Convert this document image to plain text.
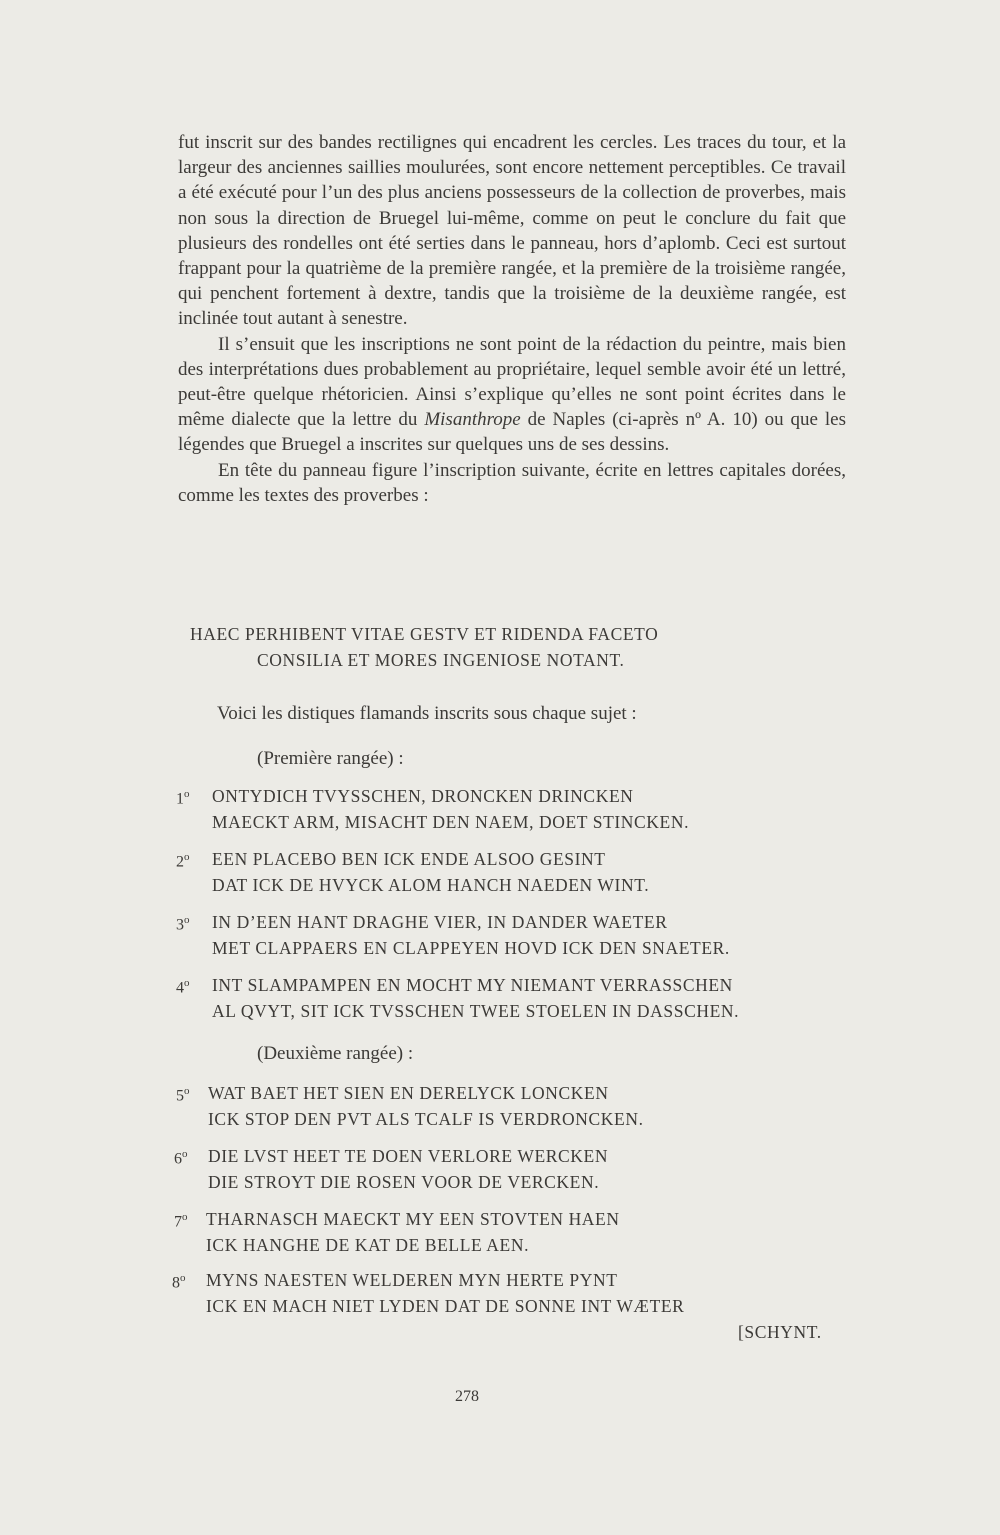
fut inscrit sur des bandes rectilignes qui encadrent les cercles. Les traces du tour, et la largeur des anciennes saillies moulurées, sont encore nettement perceptibles. Ce travail a été exécuté pour l’un des plus anciens possesseurs de la collection de proverbes, mais non sous la direction de Bruegel lui-même, comme on peut le conclure du fait que plusieurs des rondelles ont été serties dans le panneau, hors d’aplomb. Ceci est surtout frappant pour la quatrième de la première rangée, et la première de la troisième rangée, qui penchent fortement à dextre, tandis que la troisième de la deuxième rangée, est inclinée tout autant à senestre.

Il s’ensuit que les inscriptions ne sont point de la rédaction du peintre, mais bien des interprétations dues probablement au propriétaire, lequel semble avoir été un lettré, peut-être quelque rhétoricien. Ainsi s’explique qu’elles ne sont point écrites dans le même dialecte que la lettre du Misanthrope de Naples (ci-après nº A. 10) ou que les légendes que Bruegel a inscrites sur quelques uns de ses dessins.

En tête du panneau figure l’inscription suivante, écrite en lettres capitales dorées, comme les textes des proverbes :

HAEC PERHIBENT VITAE GESTV ET RIDENDA FACETO
CONSILIA ET MORES INGENIOSE NOTANT.
Voici les distiques flamands inscrits sous chaque sujet :
(Première rangée) :
1$^o$ ONTYDICH TVYSSCHEN, DRONCKEN DRINCKEN
MAECKT ARM, MISACHT DEN NAEM, DOET STINCKEN.
2$^o$ EEN PLACEBO BEN ICK ENDE ALSOO GESINT
DAT ICK DE HVYCK ALOM HANCH NAEDEN WINT.
3$^o$ IN D’EEN HANT DRAGHE VIER, IN DANDER WAETER
MET CLAPPAERS EN CLAPPEYEN HOVD ICK DEN SNAETER.
4$^o$ INT SLAMPAMPEN EN MOCHT MY NIEMANT VERRASSCHEN
AL QVYT, SIT ICK TVSSCHEN TWEE STOELEN IN DASSCHEN.
(Deuxième rangée) :
5$^o$ WAT BAET HET SIEN EN DERELYCK LONCKEN
ICK STOP DEN PVT ALS TCALF IS VERDRONCKEN.
6$^o$ DIE LVST HEET TE DOEN VERLORE WERCKEN
DIE STROYT DIE ROSEN VOOR DE VERCKEN.
7$^o$ THARNASCH MAECKT MY EEN STOVTEN HAEN
ICK HANGHE DE KAT DE BELLE AEN.
8$^o$ MYNS NAESTEN WELDEREN MYN HERTE PYNT
ICK EN MACH NIET LYDEN DAT DE SONNE INT WÆTER
[SCHYNT.
278
